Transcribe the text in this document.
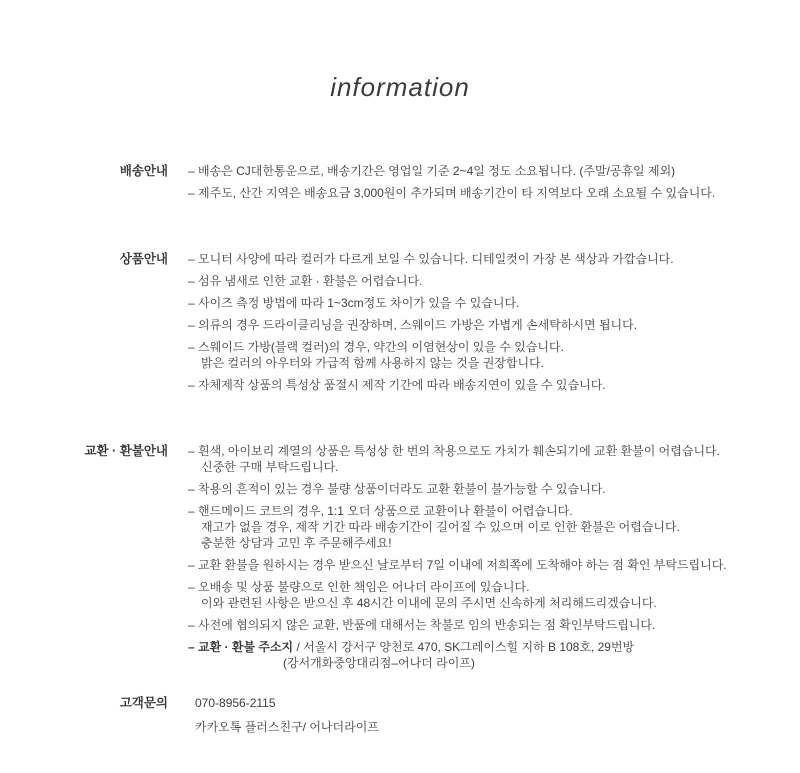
information
배송안내 – 배송은 CJ대한통운으로, 배송기간은 영업일 기준 2~4일 정도 소요됩니다. (주말/공휴일 제외)
– 제주도, 산간 지역은 배송요금 3,000원이 추가되며 배송기간이 타 지역보다 오래 소요될 수 있습니다.
상품안내 – 모니터 사양에 따라 컬러가 다르게 보일 수 있습니다. 디테일컷이 가장 본 색상과 가깝습니다.
– 섬유 냄새로 인한 교환 · 환불은 어렵습니다.
– 사이즈 측정 방법에 따라 1~3cm정도 차이가 있을 수 있습니다.
– 의류의 경우 드라이클리닝을 권장하며, 스웨이드 가방은 가볍게 손세탁하시면 됩니다.
– 스웨이드 가방(블랙 컬러)의 경우, 약간의 이염현상이 있을 수 있습니다.
밝은 컬러의 아우터와 가급적 함께 사용하지 않는 것을 권장합니다.
– 자체제작 상품의 특성상 품절시 제작 기간에 따라 배송지연이 있을 수 있습니다.
교환 · 환불안내 – 흰색, 아이보리 계열의 상품은 특성상 한 번의 착용으로도 가치가 훼손되기에 교환 환불이 어렵습니다.
신중한 구매 부탁드립니다.
– 착용의 흔적이 있는 경우 불량 상품이더라도 교환 환불이 불가능할 수 있습니다.
– 핸드메이드 코트의 경우, 1:1 오더 상품으로 교환이나 환불이 어렵습니다.
재고가 없을 경우, 제작 기간 따라 배송기간이 길어질 수 있으며 이로 인한 환불은 어렵습니다.
충분한 상담과 고민 후 주문해주세요!
– 교환 환불을 원하시는 경우 받으신 날로부터 7일 이내에 저희쪽에 도착해야 하는 점 확인 부탁드립니다.
– 오배송 및 상품 불량으로 인한 책임은 어나더 라이프에 있습니다.
이와 관련된 사항은 받으신 후 48시간 이내에 문의 주시면 신속하게 처리해드리겠습니다.
– 사전에 협의되지 않은 교환, 반품에 대해서는 착불로 임의 반송되는 점 확인부탁드립니다.
– 교환 · 환불 주소지 / 서울시 강서구 양천로 470, SK그레이스힐 지하 B 108호, 29번방
(강서개화중앙대리점–어나더 라이프)
고객문의	070-8956-2115
카카오톡 플러스친구/ 어나더라이프
